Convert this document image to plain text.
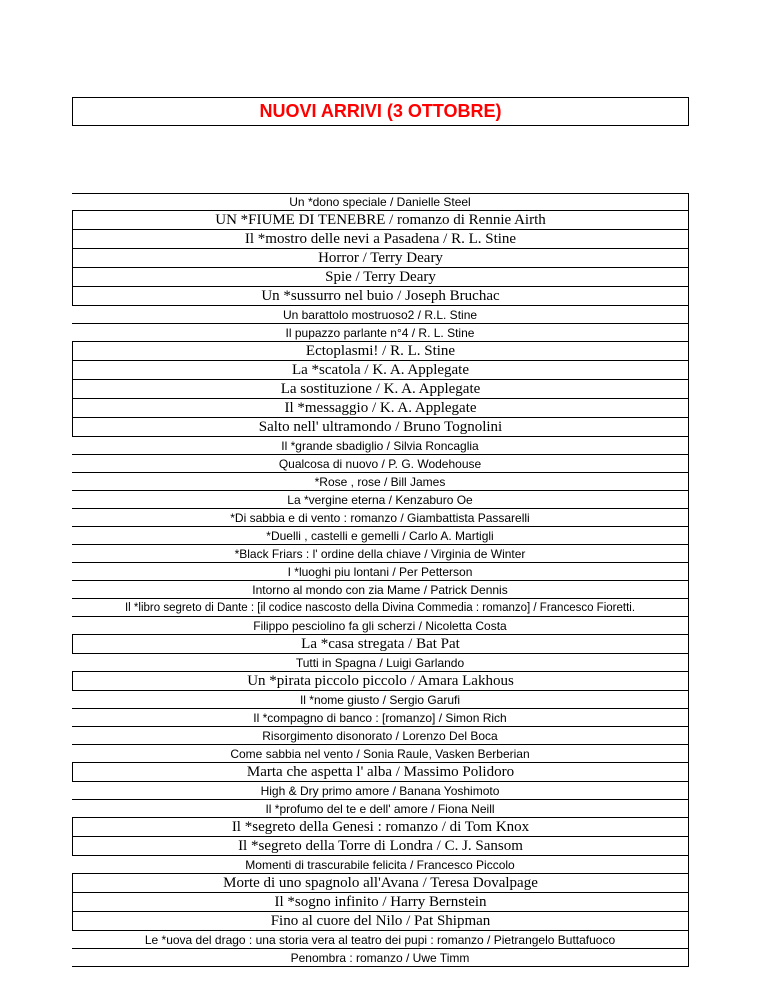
NUOVI ARRIVI (3 OTTOBRE)
Un *dono speciale / Danielle Steel
UN *FIUME DI TENEBRE / romanzo di Rennie Airth
Il *mostro delle nevi a Pasadena / R. L. Stine
Horror / Terry Deary
Spie / Terry Deary
Un *sussurro nel buio / Joseph Bruchac
Un barattolo mostruoso2 / R.L. Stine
Il pupazzo parlante n°4 / R. L. Stine
Ectoplasmi! / R. L. Stine
La *scatola / K. A. Applegate
La sostituzione / K. A. Applegate
Il *messaggio / K. A. Applegate
Salto nell' ultramondo / Bruno Tognolini
Il *grande sbadiglio / Silvia Roncaglia
Qualcosa di nuovo / P. G. Wodehouse
*Rose , rose / Bill James
La *vergine eterna / Kenzaburo Oe
*Di sabbia e di vento : romanzo / Giambattista Passarelli
*Duelli , castelli e gemelli / Carlo A. Martigli
*Black Friars : l' ordine della chiave / Virginia de Winter
I *luoghi piu lontani / Per Petterson
Intorno al mondo con zia Mame / Patrick Dennis
Il *libro segreto di Dante : [il codice nascosto della Divina Commedia : romanzo] / Francesco Fioretti.
Filippo pesciolino fa gli scherzi / Nicoletta Costa
La *casa stregata / Bat Pat
Tutti in Spagna / Luigi Garlando
Un *pirata piccolo piccolo / Amara Lakhous
Il *nome giusto / Sergio Garufi
Il *compagno di banco : [romanzo] / Simon Rich
Risorgimento disonorato / Lorenzo Del Boca
Come sabbia nel vento / Sonia Raule, Vasken Berberian
Marta che aspetta l' alba / Massimo Polidoro
High & Dry primo amore / Banana Yoshimoto
Il *profumo del te e dell' amore / Fiona Neill
Il *segreto della Genesi : romanzo / di Tom Knox
Il *segreto della Torre di Londra / C. J. Sansom
Momenti di trascurabile felicita / Francesco Piccolo
Morte di uno spagnolo all'Avana / Teresa Dovalpage
Il *sogno infinito / Harry Bernstein
Fino al cuore del Nilo / Pat Shipman
Le *uova del drago : una storia vera al teatro dei pupi : romanzo / Pietrangelo Buttafuoco
Penombra : romanzo / Uwe Timm
